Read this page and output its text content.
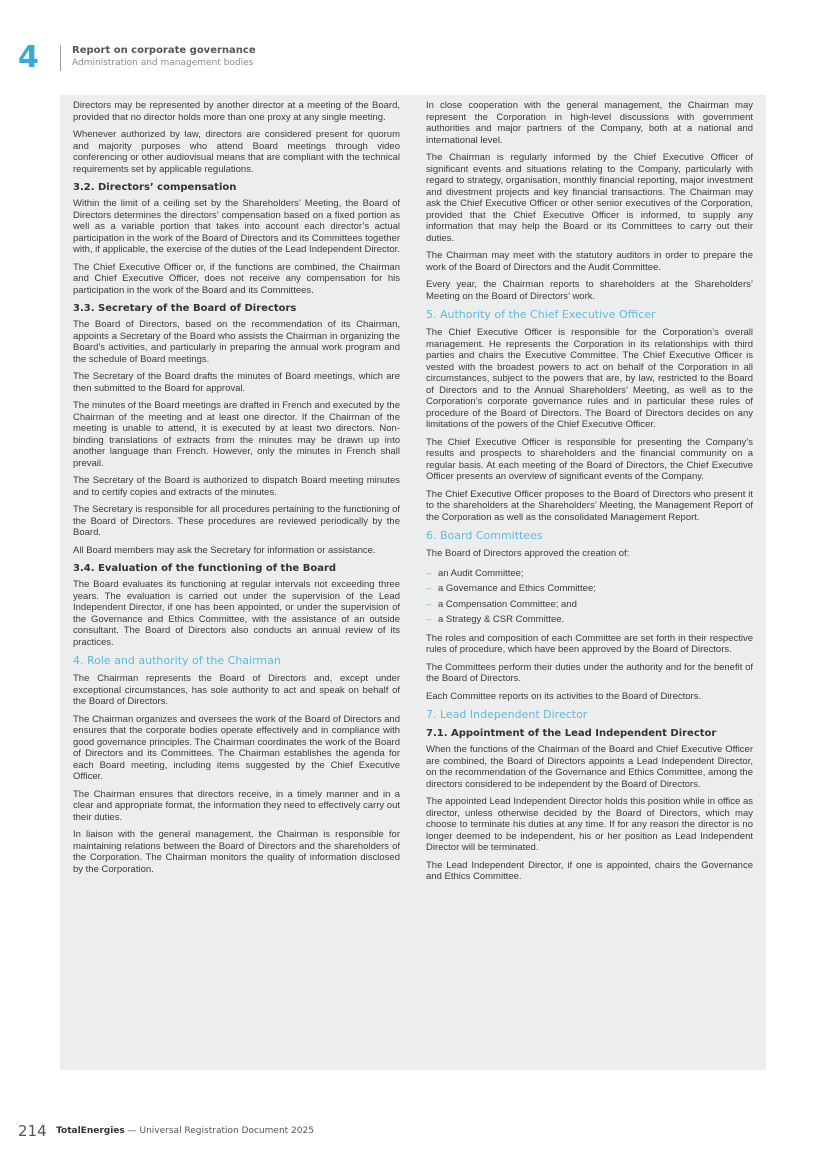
4	Report on corporate governance
Administration and management bodies

Directors may be represented by another director at a meeting of the Board, provided that no director holds more than one proxy at any single meeting.

Whenever authorized by law, directors are considered present for quorum and majority purposes who attend Board meetings through video conferencing or other audiovisual means that are compliant with the technical requirements set by applicable regulations.

3.2. Directors’ compensation

Within the limit of a ceiling set by the Shareholders’ Meeting, the Board of Directors determines the directors’ compensation based on a fixed portion as well as a variable portion that takes into account each director’s actual participation in the work of the Board of Directors and its Committees together with, if applicable, the exercise of the duties of the Lead Independent Director.

The Chief Executive Officer or, if the functions are combined, the Chairman and Chief Executive Officer, does not receive any compensation for his participation in the work of the Board and its Committees.

3.3. Secretary of the Board of Directors

The Board of Directors, based on the recommendation of its Chairman, appoints a Secretary of the Board who assists the Chairman in organizing the Board’s activities, and particularly in preparing the annual work program and the schedule of Board meetings.

The Secretary of the Board drafts the minutes of Board meetings, which are then submitted to the Board for approval.

The minutes of the Board meetings are drafted in French and executed by the Chairman of the meeting and at least one director. If the Chairman of the meeting is unable to attend, it is executed by at least two directors. Non-binding translations of extracts from the minutes may be drawn up into another language than French. However, only the minutes in French shall prevail.

The Secretary of the Board is authorized to dispatch Board meeting minutes and to certify copies and extracts of the minutes.

The Secretary is responsible for all procedures pertaining to the functioning of the Board of Directors. These procedures are reviewed periodically by the Board.

All Board members may ask the Secretary for information or assistance.

3.4. Evaluation of the functioning of the Board

The Board evaluates its functioning at regular intervals not exceeding three years. The evaluation is carried out under the supervision of the Lead Independent Director, if one has been appointed, or under the supervision of the Governance and Ethics Committee, with the assistance of an outside consultant. The Board of Directors also conducts an annual review of its practices.

4. Role and authority of the Chairman

The Chairman represents the Board of Directors and, except under exceptional circumstances, has sole authority to act and speak on behalf of the Board of Directors.

The Chairman organizes and oversees the work of the Board of Directors and ensures that the corporate bodies operate effectively and in compliance with good governance principles. The Chairman coordinates the work of the Board of Directors and its Committees. The Chairman establishes the agenda for each Board meeting, including items suggested by the Chief Executive Officer.

The Chairman ensures that directors receive, in a timely manner and in a clear and appropriate format, the information they need to effectively carry out their duties.

In liaison with the general management, the Chairman is responsible for maintaining relations between the Board of Directors and the shareholders of the Corporation. The Chairman monitors the quality of information disclosed by the Corporation.

In close cooperation with the general management, the Chairman may represent the Corporation in high-level discussions with government authorities and major partners of the Company, both at a national and international level.

The Chairman is regularly informed by the Chief Executive Officer of significant events and situations relating to the Company, particularly with regard to strategy, organisation, monthly financial reporting, major investment and divestment projects and key financial transactions. The Chairman may ask the Chief Executive Officer or other senior executives of the Corporation, provided that the Chief Executive Officer is informed, to supply any information that may help the Board or its Committees to carry out their duties.

The Chairman may meet with the statutory auditors in order to prepare the work of the Board of Directors and the Audit Committee.

Every year, the Chairman reports to shareholders at the Shareholders’ Meeting on the Board of Directors’ work.

5. Authority of the Chief Executive Officer

The Chief Executive Officer is responsible for the Corporation’s overall management. He represents the Corporation in its relationships with third parties and chairs the Executive Committee. The Chief Executive Officer is vested with the broadest powers to act on behalf of the Corporation in all circumstances, subject to the powers that are, by law, restricted to the Board of Directors and to the Annual Shareholders’ Meeting, as well as to the Corporation’s corporate governance rules and in particular these rules of procedure of the Board of Directors. The Board of Directors decides on any limitations of the powers of the Chief Executive Officer.

The Chief Executive Officer is responsible for presenting the Company’s results and prospects to shareholders and the financial community on a regular basis. At each meeting of the Board of Directors, the Chief Executive Officer presents an overview of significant events of the Company.

The Chief Executive Officer proposes to the Board of Directors who present it to the shareholders at the Shareholders’ Meeting, the Management Report of the Corporation as well as the consolidated Management Report.

6. Board Committees

The Board of Directors approved the creation of:

– an Audit Committee;
– a Governance and Ethics Committee;
– a Compensation Committee; and
– a Strategy & CSR Committee.

The roles and composition of each Committee are set forth in their respective rules of procedure, which have been approved by the Board of Directors.

The Committees perform their duties under the authority and for the benefit of the Board of Directors.

Each Committee reports on its activities to the Board of Directors.

7. Lead Independent Director
7.1. Appointment of the Lead Independent Director

When the functions of the Chairman of the Board and Chief Executive Officer are combined, the Board of Directors appoints a Lead Independent Director, on the recommendation of the Governance and Ethics Committee, among the directors considered to be independent by the Board of Directors.

The appointed Lead Independent Director holds this position while in office as director, unless otherwise decided by the Board of Directors, which may choose to terminate his duties at any time. If for any reason the director is no longer deemed to be independent, his or her position as Lead Independent Director will be terminated.

The Lead Independent Director, if one is appointed, chairs the Governance and Ethics Committee.

214 TotalEnergies — Universal Registration Document 2025
